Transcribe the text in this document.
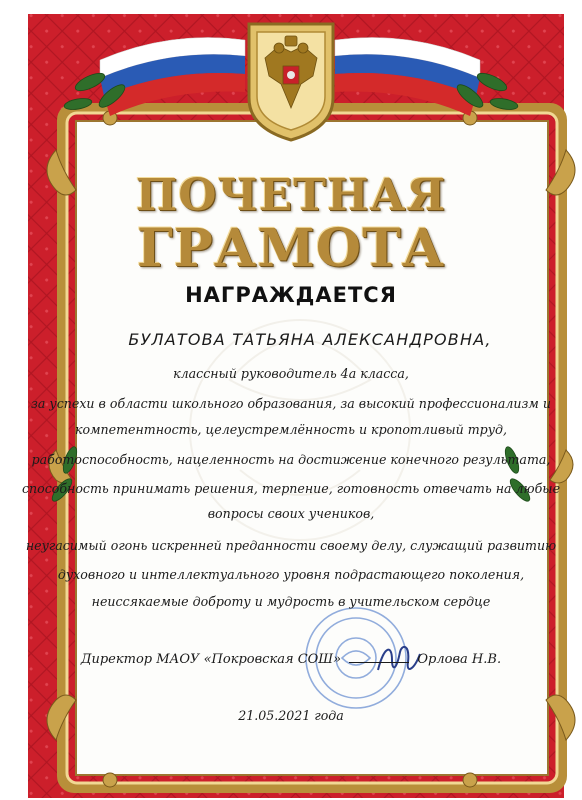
ПОЧЕТНАЯ
ГРАМОТА
НАГРАЖДАЕТСЯ
БУЛАТОВА ТАТЬЯНА АЛЕКСАНДРОВНА,
классный руководитель 4а класса,
за успехи в области школьного образования, за высокий профессионализм и
компетентность, целеустремлённость и кропотливый труд,
работоспособность, нацеленность на достижение конечного результата,
способность принимать решения, терпение, готовность отвечать на любые
вопросы своих учеников,
неугасимый огонь искренней преданности своему делу, служащий развитию
духовного и интеллектуального уровня подрастающего поколения,
неиссякаемые доброту и мудрость в учительском сердце
Директор МАОУ «Покровская СОШ»	Орлова Н.В.
21.05.2021 года
